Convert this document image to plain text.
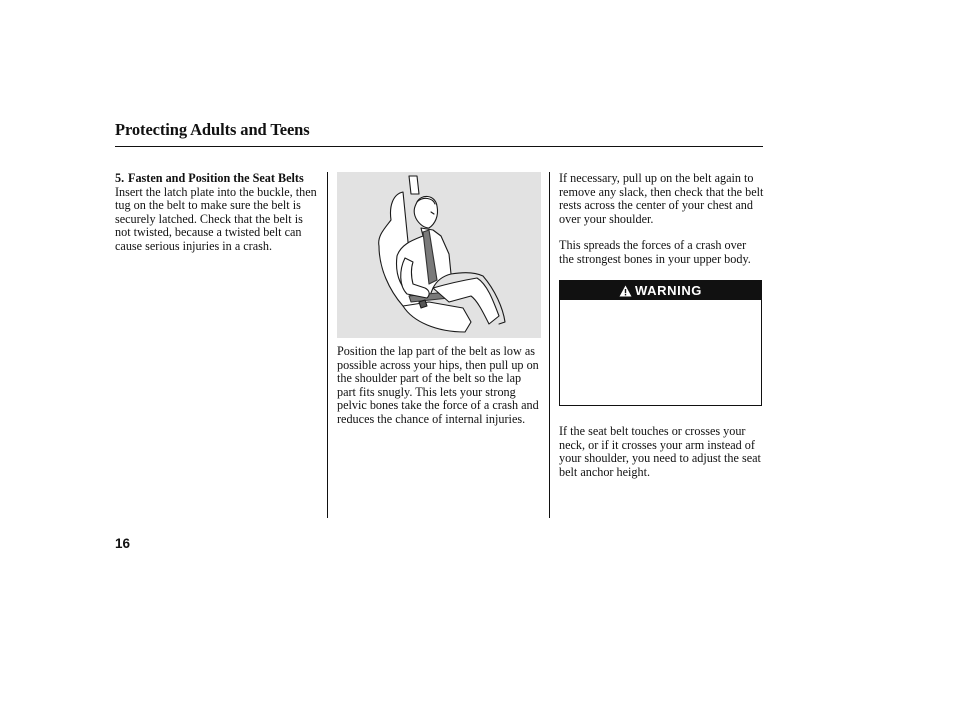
Protecting Adults and Teens

5. Fasten and Position the Seat Belts

Insert the latch plate into the buckle, then tug on the belt to make sure the belt is securely latched. Check that the belt is not twisted, because a twisted belt can cause serious injuries in a crash.

Position the lap part of the belt as low as possible across your hips, then pull up on the shoulder part of the belt so the lap part fits snugly. This lets your strong pelvic bones take the force of a crash and reduces the chance of internal injuries.

If necessary, pull up on the belt again to remove any slack, then check that the belt rests across the center of your chest and over your shoulder.

This spreads the forces of a crash over the strongest bones in your upper body.

WARNING

If the seat belt touches or crosses your neck, or if it crosses your arm instead of your shoulder, you need to adjust the seat belt anchor height.

16
